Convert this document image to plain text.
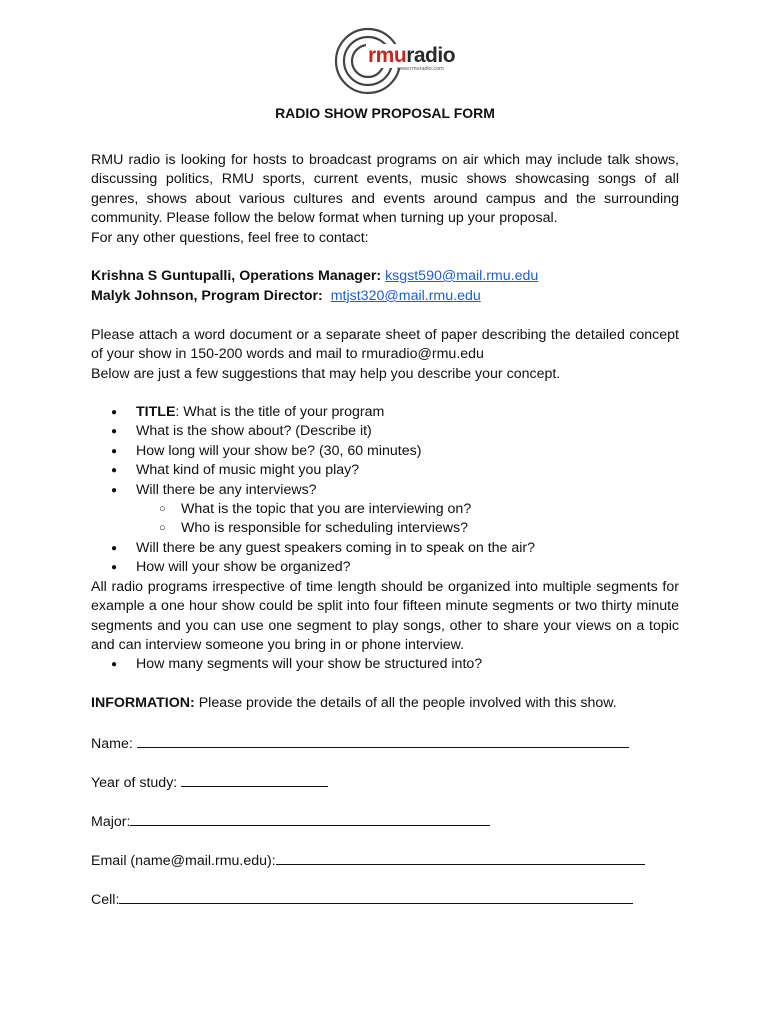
rmuradio
www.rmuradio.com
RADIO SHOW PROPOSAL FORM

RMU radio is looking for hosts to broadcast programs on air which may include talk shows, discussing politics, RMU sports, current events, music shows showcasing songs of all genres, shows about various cultures and events around campus and the surrounding community. Please follow the below format when turning up your proposal.

For any other questions, feel free to contact:
Krishna S Guntupalli, Operations Manager: ksgst590@mail.rmu.edu
Malyk Johnson, Program Director: mtjst320@mail.rmu.edu

Please attach a word document or a separate sheet of paper describing the detailed concept of your show in 150-200 words and mail to rmuradio@rmu.edu

Below are just a few suggestions that may help you describe your concept.
● TITLE: What is the title of your program
● What is the show about? (Describe it)
● How long will your show be? (30, 60 minutes)
● What kind of music might you play?
● Will there be any interviews?
○ What is the topic that you are interviewing on?
○ Who is responsible for scheduling interviews?
● Will there be any guest speakers coming in to speak on the air?
● How will your show be organized?

All radio programs irrespective of time length should be organized into multiple segments for example a one hour show could be split into four fifteen minute segments or two thirty minute segments and you can use one segment to play songs, other to share your views on a topic and can interview someone you bring in or phone interview.

● How many segments will your show be structured into?
INFORMATION: Please provide the details of all the people involved with this show.
Name:
Year of study:
Major:
Email (name@mail.rmu.edu):
Cell:
